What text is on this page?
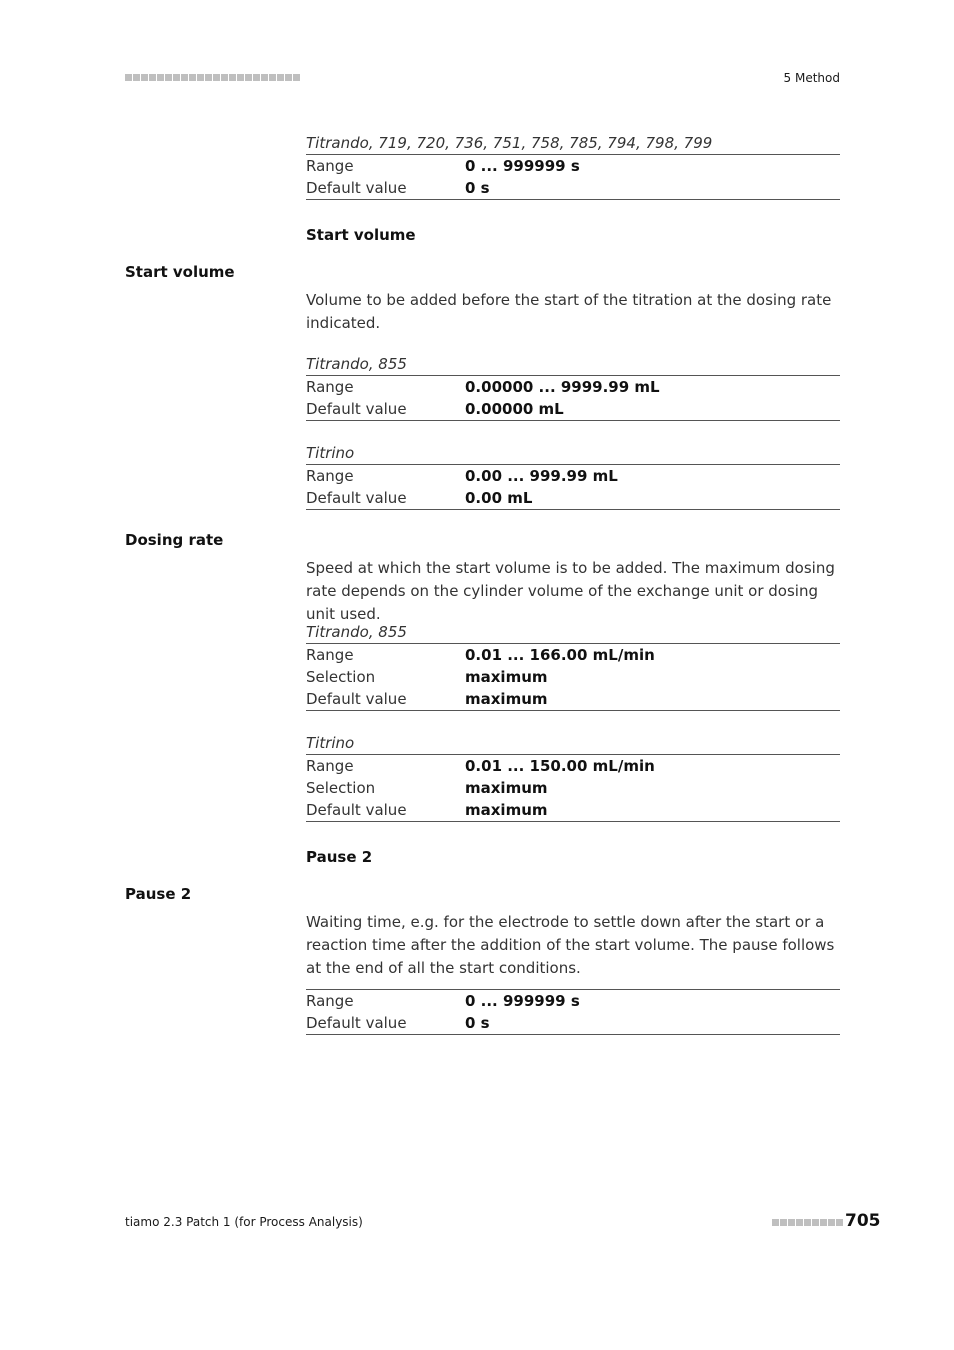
5 Method
Titrando, 719, 720, 736, 751, 758, 785, 794, 798, 799
Range	0 ... 999999 s
Default value	0 s
Start volume
Start volume
Volume to be added before the start of the titration at the dosing rate indicated.
Titrando, 855
Range	0.00000 ... 9999.99 mL
Default value	0.00000 mL
Titrino
Range	0.00 ... 999.99 mL
Default value	0.00 mL
Dosing rate
Speed at which the start volume is to be added. The maximum dosing rate depends on the cylinder volume of the exchange unit or dosing unit used.
Titrando, 855
Range	0.01 ... 166.00 mL/min
Selection	maximum
Default value	maximum
Titrino
Range	0.01 ... 150.00 mL/min
Selection	maximum
Default value	maximum
Pause 2
Pause 2
Waiting time, e.g. for the electrode to settle down after the start or a reaction time after the addition of the start volume. The pause follows at the end of all the start conditions.
Range	0 ... 999999 s
Default value	0 s
tiamo 2.3 Patch 1 (for Process Analysis)	705
